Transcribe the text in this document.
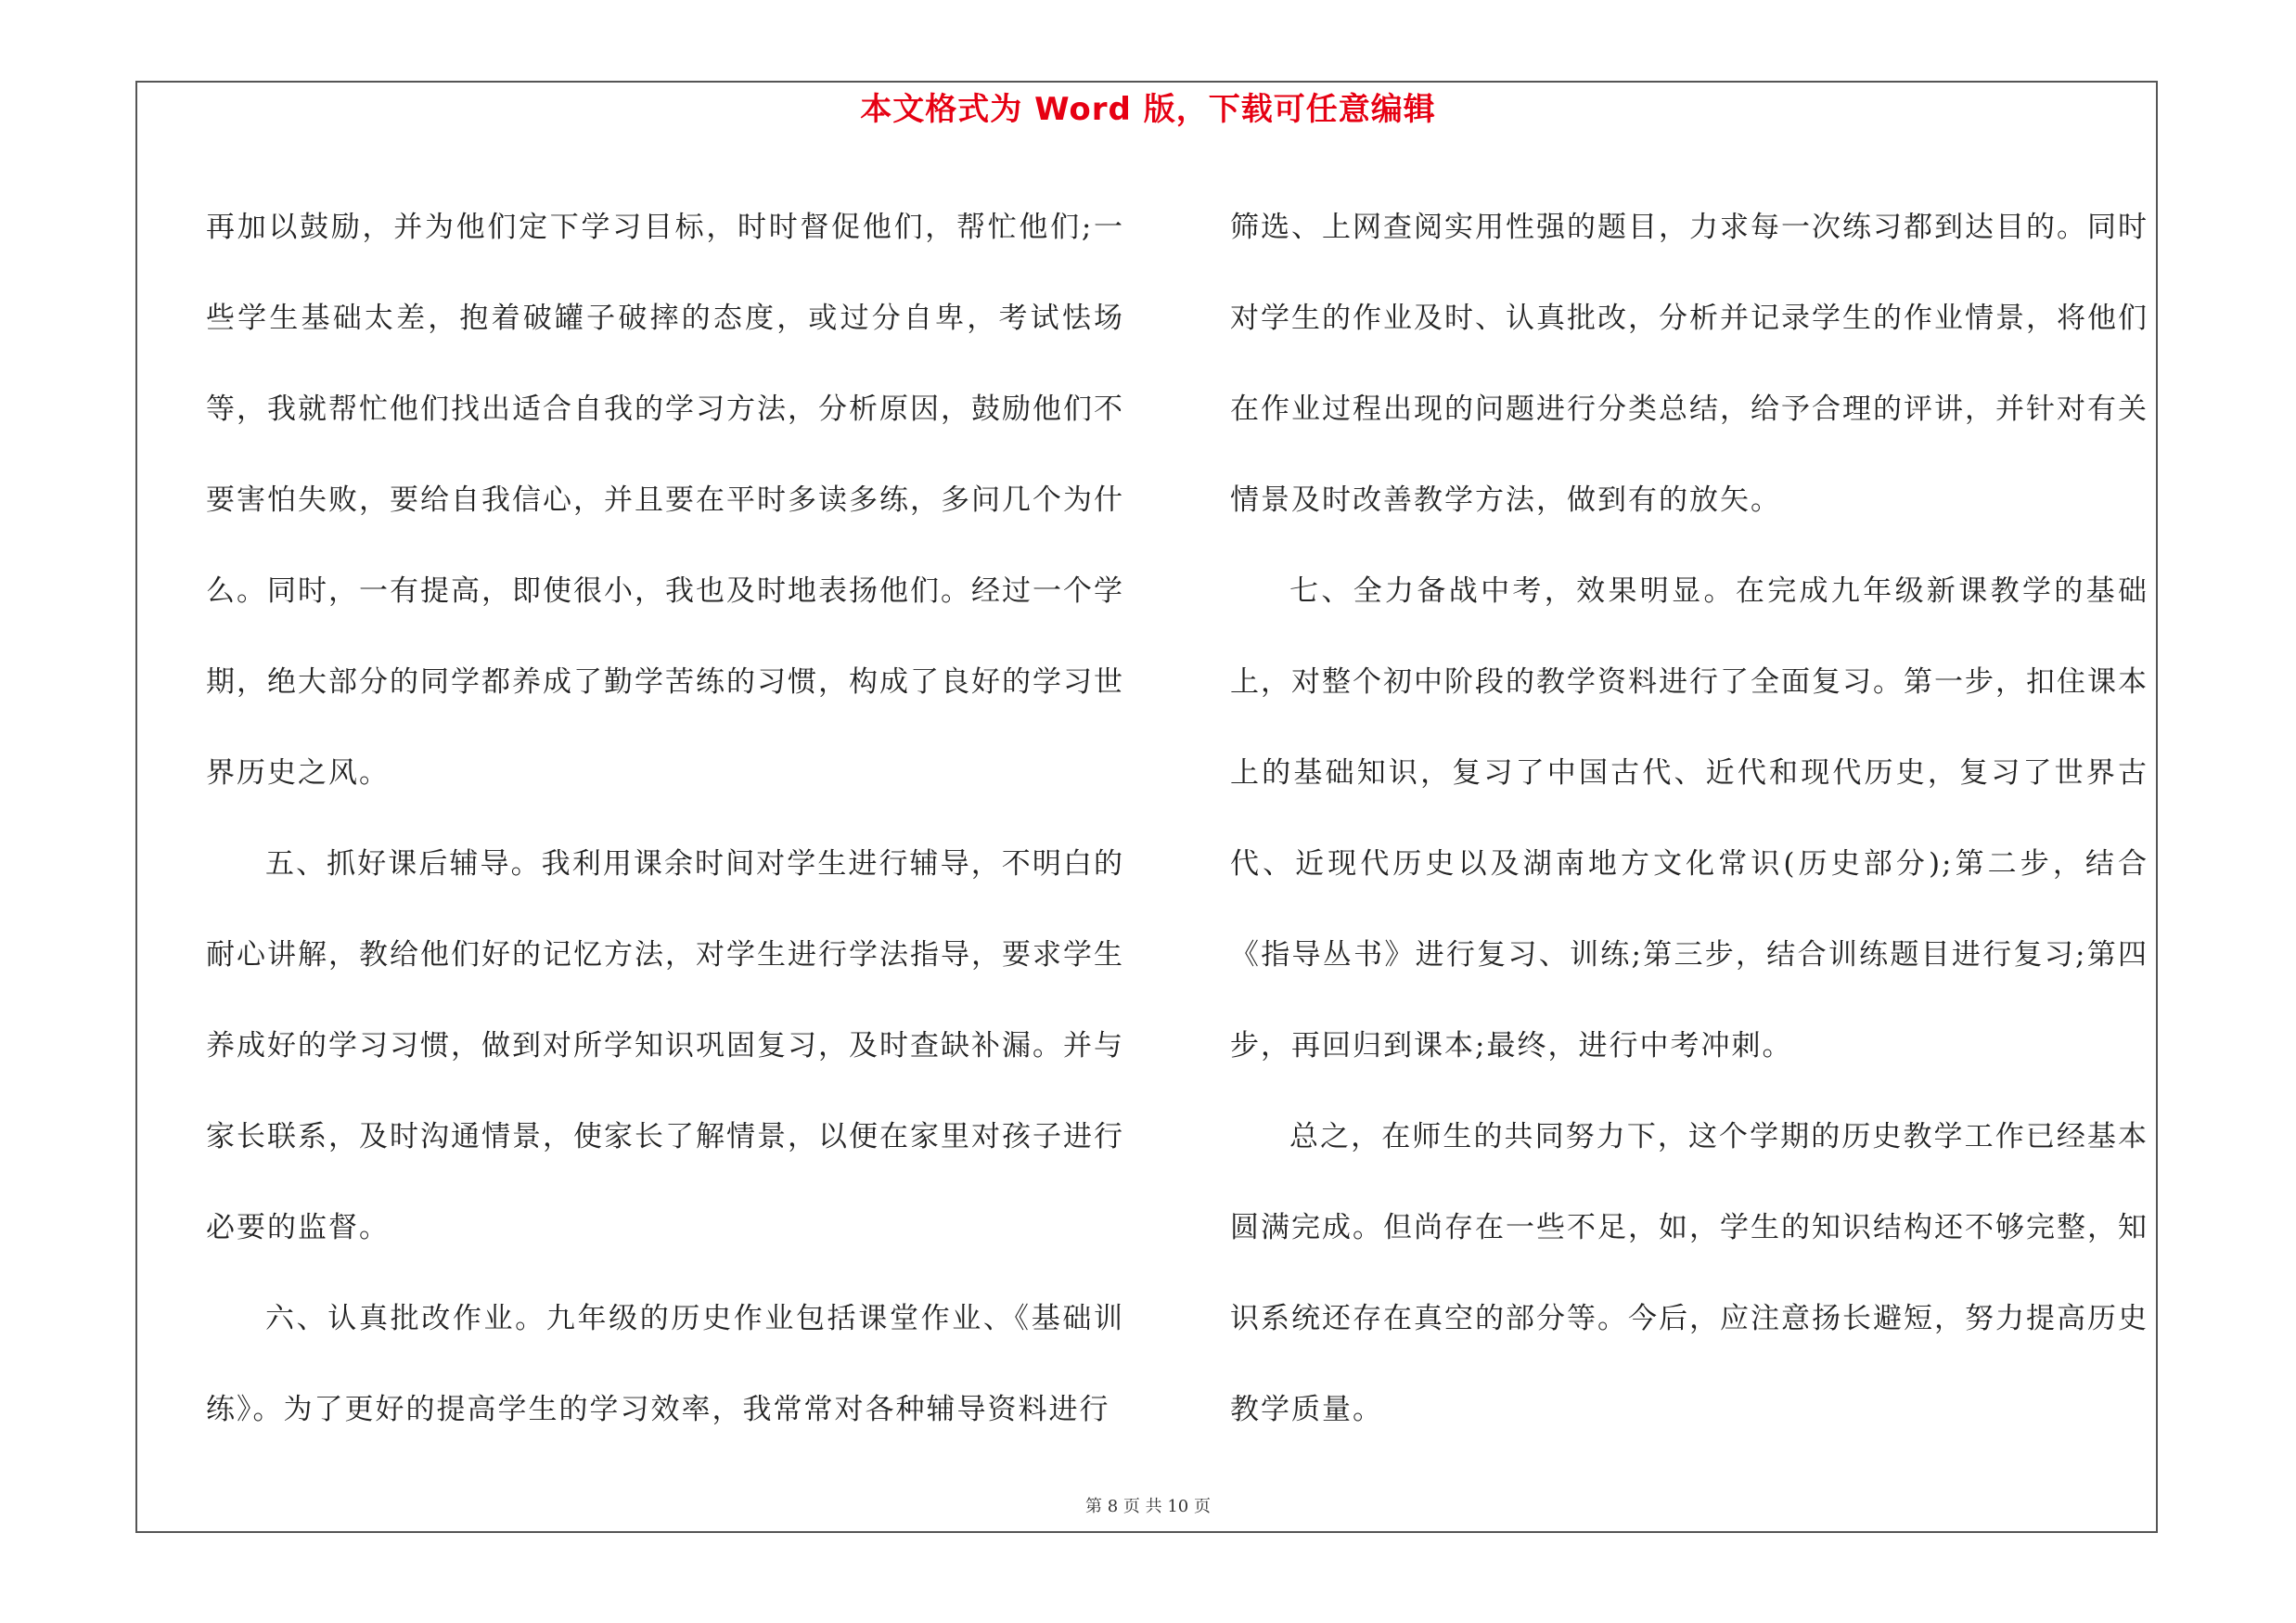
本文格式为 Word 版，下载可任意编辑

再加以鼓励，并为他们定下学习目标，时时督促他们，帮忙他们;一些学生基础太差，抱着破罐子破摔的态度，或过分自卑，考试怯场等，我就帮忙他们找出适合自我的学习方法，分析原因，鼓励他们不要害怕失败，要给自我信心，并且要在平时多读多练，多问几个为什么。同时，一有提高，即使很小，我也及时地表扬他们。经过一个学期，绝大部分的同学都养成了勤学苦练的习惯，构成了良好的学习世界历史之风。

五、抓好课后辅导。我利用课余时间对学生进行辅导，不明白的耐心讲解，教给他们好的记忆方法，对学生进行学法指导，要求学生养成好的学习习惯，做到对所学知识巩固复习，及时查缺补漏。并与家长联系，及时沟通情景，使家长了解情景，以便在家里对孩子进行必要的监督。

六、认真批改作业。九年级的历史作业包括课堂作业、《基础训练》。为了更好的提高学生的学习效率，我常常对各种辅导资料进行

筛选、上网查阅实用性强的题目，力求每一次练习都到达目的。同时对学生的作业及时、认真批改，分析并记录学生的作业情景，将他们在作业过程出现的问题进行分类总结，给予合理的评讲，并针对有关情景及时改善教学方法，做到有的放矢。

七、全力备战中考，效果明显。在完成九年级新课教学的基础上，对整个初中阶段的教学资料进行了全面复习。第一步，扣住课本上的基础知识，复习了中国古代、近代和现代历史，复习了世界古代、近现代历史以及湖南地方文化常识(历史部分);第二步，结合《指导丛书》进行复习、训练;第三步，结合训练题目进行复习;第四步，再回归到课本;最终，进行中考冲刺。

总之，在师生的共同努力下，这个学期的历史教学工作已经基本圆满完成。但尚存在一些不足，如，学生的知识结构还不够完整，知识系统还存在真空的部分等。今后，应注意扬长避短，努力提高历史教学质量。

第 8 页 共 10 页
